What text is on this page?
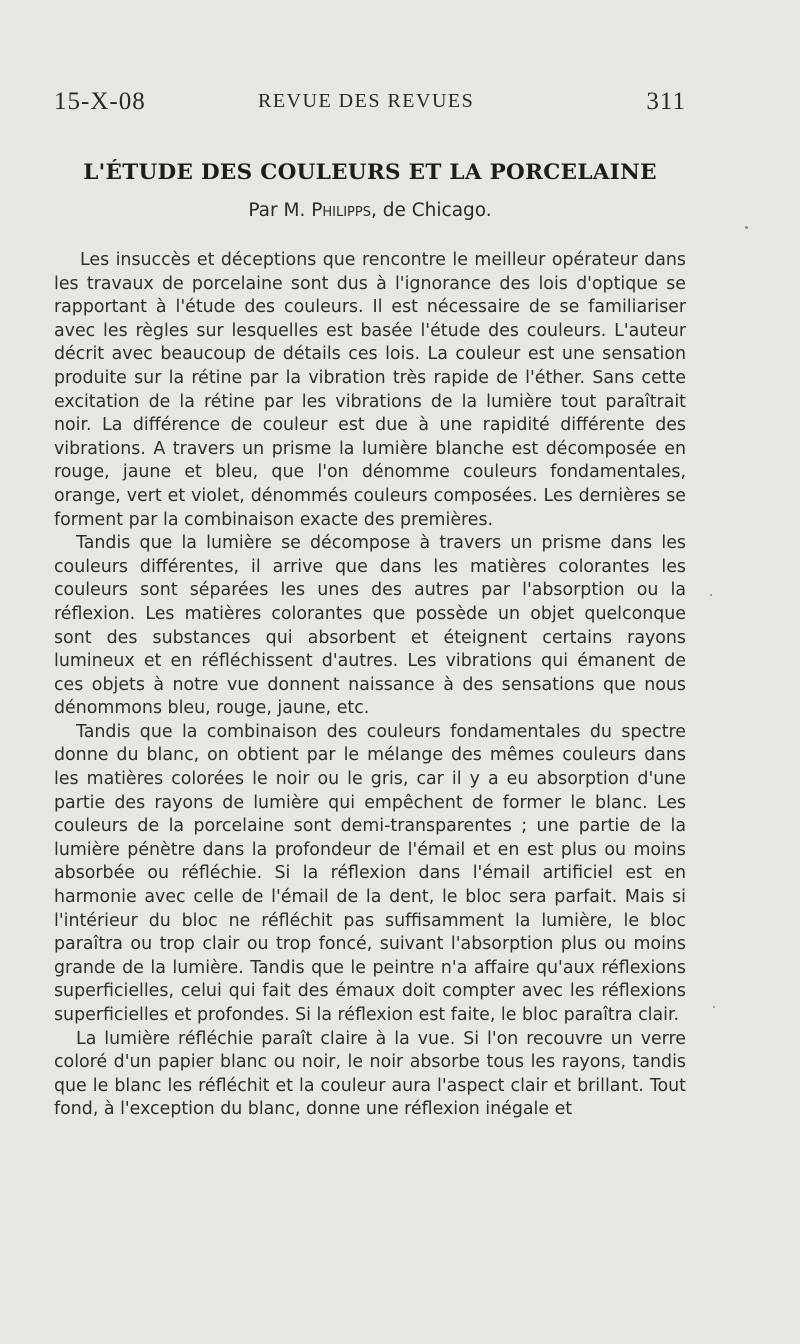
15-X-08	REVUE DES REVUES	311
L'ÉTUDE DES COULEURS ET LA PORCELAINE
Par M. Philipps, de Chicago.

Les insuccès et déceptions que rencontre le meilleur opérateur dans les travaux de porcelaine sont dus à l'ignorance des lois d'optique se rapportant à l'étude des couleurs. Il est nécessaire de se familiariser avec les règles sur lesquelles est basée l'étude des couleurs. L'auteur décrit avec beaucoup de détails ces lois. La couleur est une sensation produite sur la rétine par la vibration très rapide de l'éther. Sans cette excitation de la rétine par les vibrations de la lumière tout paraîtrait noir. La différence de couleur est due à une rapidité différente des vibrations. A travers un prisme la lumière blanche est décomposée en rouge, jaune et bleu, que l'on dénomme couleurs fondamentales, orange, vert et violet, dénommés couleurs composées. Les dernières se forment par la combinaison exacte des premières.

Tandis que la lumière se décompose à travers un prisme dans les couleurs différentes, il arrive que dans les matières colorantes les couleurs sont séparées les unes des autres par l'absorption ou la réflexion. Les matières colorantes que possède un objet quelconque sont des substances qui absorbent et éteignent certains rayons lumineux et en réfléchissent d'autres. Les vibrations qui émanent de ces objets à notre vue donnent naissance à des sensations que nous dénommons bleu, rouge, jaune, etc.

Tandis que la combinaison des couleurs fondamentales du spectre donne du blanc, on obtient par le mélange des mêmes couleurs dans les matières colorées le noir ou le gris, car il y a eu absorption d'une partie des rayons de lumière qui empêchent de former le blanc. Les couleurs de la porcelaine sont demi-transparentes ; une partie de la lumière pénètre dans la profondeur de l'émail et en est plus ou moins absorbée ou réfléchie. Si la réflexion dans l'émail artificiel est en harmonie avec celle de l'émail de la dent, le bloc sera parfait. Mais si l'intérieur du bloc ne réfléchit pas suffisamment la lumière, le bloc paraîtra ou trop clair ou trop foncé, suivant l'absorption plus ou moins grande de la lumière. Tandis que le peintre n'a affaire qu'aux réflexions superficielles, celui qui fait des émaux doit compter avec les réflexions superficielles et profondes. Si la réflexion est faite, le bloc paraîtra clair.

La lumière réfléchie paraît claire à la vue. Si l'on recouvre un verre coloré d'un papier blanc ou noir, le noir absorbe tous les rayons, tandis que le blanc les réfléchit et la couleur aura l'aspect clair et brillant. Tout fond, à l'exception du blanc, donne une réflexion inégale et
